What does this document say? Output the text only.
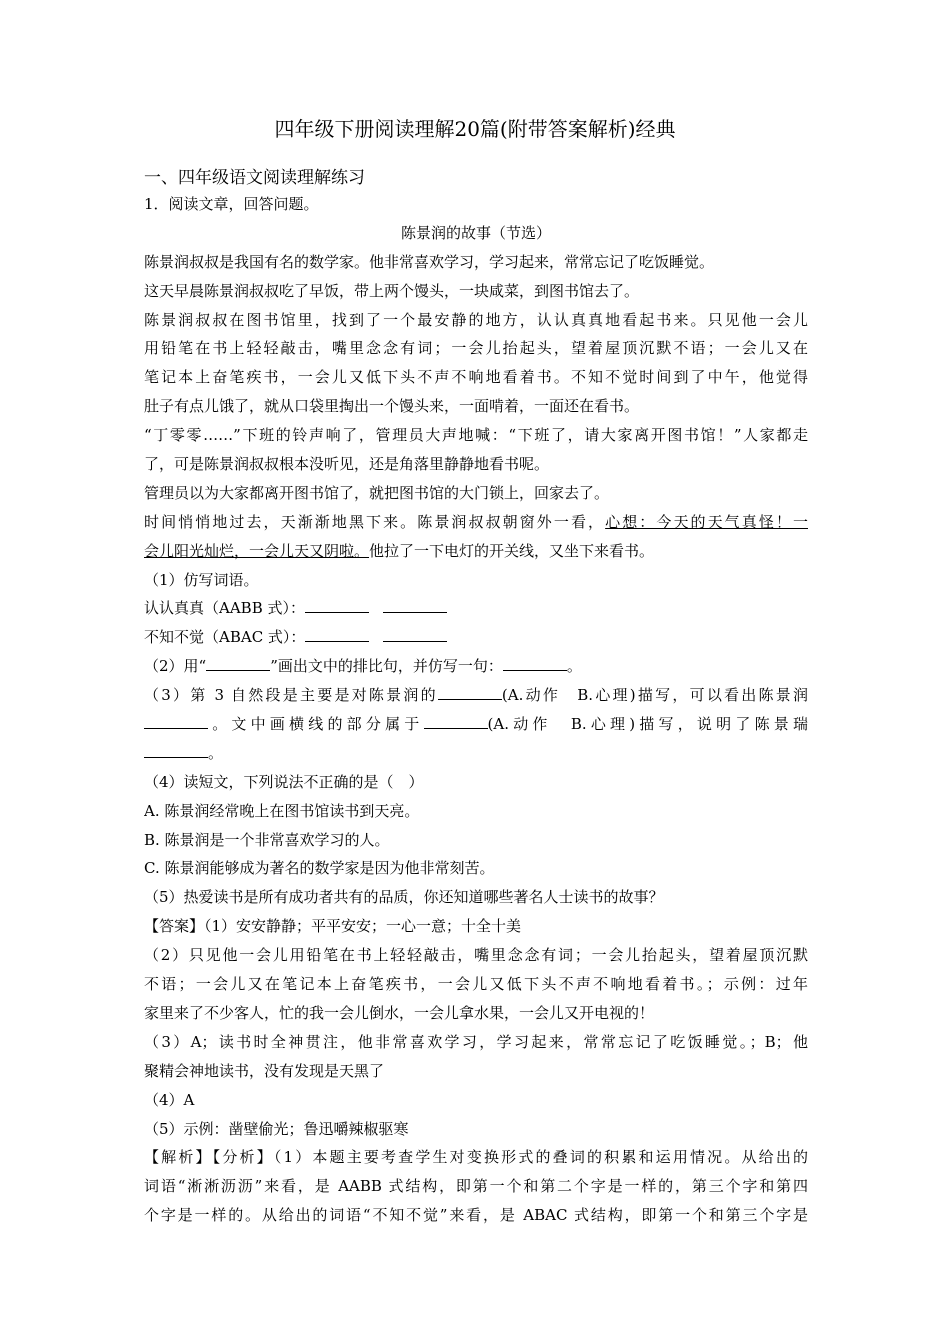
四年级下册阅读理解20篇(附带答案解析)经典
一、四年级语文阅读理解练习
1．阅读文章，回答问题。
陈景润的故事（节选）
陈景润叔叔是我国有名的数学家。他非常喜欢学习，学习起来，常常忘记了吃饭睡觉。
这天早晨陈景润叔叔吃了早饭，带上两个馒头，一块咸菜，到图书馆去了。
陈景润叔叔在图书馆里，找到了一个最安静的地方，认认真真地看起书来。只见他一会儿
用铅笔在书上轻轻敲击，嘴里念念有词；一会儿抬起头，望着屋顶沉默不语；一会儿又在
笔记本上奋笔疾书，一会儿又低下头不声不响地看着书。不知不觉时间到了中午，他觉得
肚子有点儿饿了，就从口袋里掏出一个馒头来，一面啃着，一面还在看书。
“丁零零……”下班的铃声响了，管理员大声地喊：“下班了，请大家离开图书馆！”人家都走
了，可是陈景润叔叔根本没听见，还是角落里静静地看书呢。
管理员以为大家都离开图书馆了，就把图书馆的大门锁上，回家去了。
时间悄悄地过去，天渐渐地黑下来。陈景润叔叔朝窗外一看，心想：今天的天气真怪！一
会儿阳光灿烂，一会儿天又阴啦。他拉了一下电灯的开关线，又坐下来看书。
（1）仿写词语。
认认真真（AABB 式）：
不知不觉（ABAC 式）：
（2）用“	”画出文中的排比句，并仿写一句：	。
（3）第 3 自然段是主要是对陈景润的	(A.动作　B.心理)描写，可以看出陈景润
。文中画横线的部分属于	(A.动作　B.心理)描写，说明了陈景瑞
。
（4）读短文，下列说法不正确的是（　）
A. 陈景润经常晚上在图书馆读书到天亮。
B. 陈景润是一个非常喜欢学习的人。
C. 陈景润能够成为著名的数学家是因为他非常刻苦。
（5）热爱读书是所有成功者共有的品质，你还知道哪些著名人士读书的故事？
【答案】（1）安安静静；平平安安；一心一意；十全十美
（2）只见他一会儿用铅笔在书上轻轻敲击，嘴里念念有词；一会儿抬起头，望着屋顶沉默
不语；一会儿又在笔记本上奋笔疾书，一会儿又低下头不声不响地看着书。；示例：过年
家里来了不少客人，忙的我一会儿倒水，一会儿拿水果，一会儿又开电视的！
（3）A；读书时全神贯注，他非常喜欢学习，学习起来，常常忘记了吃饭睡觉。；B；他
聚精会神地读书，没有发现是天黑了
（4）A
（5）示例：凿壁偷光；鲁迅嚼辣椒驱寒
【解析】【分析】（1）本题主要考查学生对变换形式的叠词的积累和运用情况。从给出的
词语“淅淅沥沥”来看，是 AABB 式结构，即第一个和第二个字是一样的，第三个字和第四
个字是一样的。从给出的词语“不知不觉”来看，是 ABAC 式结构，即第一个和第三个字是
